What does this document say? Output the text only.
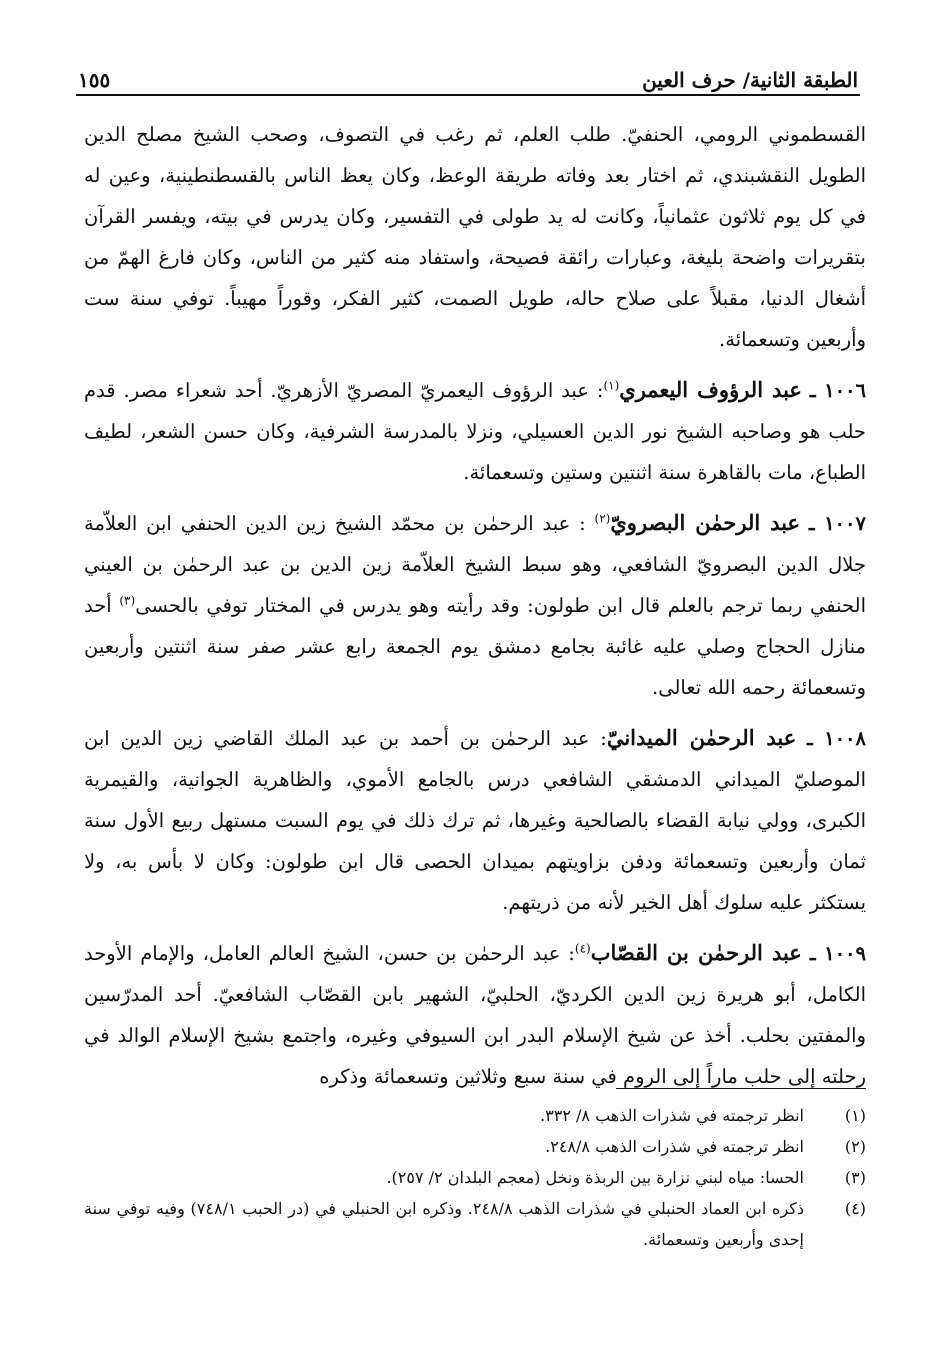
الطبقة الثانية/ حرف العين
١٥٥

القسطموني الرومي، الحنفيّ. طلب العلم، ثم رغب في التصوف، وصحب الشيخ مصلح الدين الطويل النقشبندي، ثم اختار بعد وفاته طريقة الوعظ، وكان يعظ الناس بالقسطنطينية، وعين له في كل يوم ثلاثون عثمانياً، وكانت له يد طولى في التفسير، وكان يدرس في بيته، ويفسر القرآن بتقريرات واضحة بليغة، وعبارات رائقة فصيحة، واستفاد منه كثير من الناس، وكان فارغ الهمّ من أشغال الدنيا، مقبلاً على صلاح حاله، طويل الصمت، كثير الفكر، وقوراً مهيباً. توفي سنة ست وأربعين وتسعمائة.

١٠٠٦ ـ عبد الرؤوف اليعمري$^{(١)}$: عبد الرؤوف اليعمريّ المصريّ الأزهريّ. أحد شعراء مصر. قدم حلب هو وصاحبه الشيخ نور الدين العسيلي، ونزلا بالمدرسة الشرفية، وكان حسن الشعر، لطيف الطباع، مات بالقاهرة سنة اثنتين وستين وتسعمائة.

١٠٠٧ ـ عبد الرحمٰن البصرويّ$^{(٢)}$ : عبد الرحمٰن بن محمّد الشيخ زين الدين الحنفي ابن العلاّمة جلال الدين البصرويّ الشافعي، وهو سبط الشيخ العلاّمة زين الدين بن عبد الرحمٰن بن العيني الحنفي ربما ترجم بالعلم قال ابن طولون: وقد رأيته وهو يدرس في المختار توفي بالحسى$^{(٣)}$ أحد منازل الحجاج وصلي عليه غائبة بجامع دمشق يوم الجمعة رابع عشر صفر سنة اثنتين وأربعين وتسعمائة رحمه الله تعالى.

١٠٠٨ ـ عبد الرحمٰن الميدانيّ: عبد الرحمٰن بن أحمد بن عبد الملك القاضي زين الدين ابن الموصليّ الميداني الدمشقي الشافعي درس بالجامع الأموي، والظاهرية الجوانية، والقيمرية الكبرى، وولي نيابة القضاء بالصالحية وغيرها، ثم ترك ذلك في يوم السبت مستهل ربيع الأول سنة ثمان وأربعين وتسعمائة ودفن بزاويتهم بميدان الحصى قال ابن طولون: وكان لا بأس به، ولا يستكثر عليه سلوك أهل الخير لأنه من ذريتهم.

١٠٠٩ ـ عبد الرحمٰن بن القصّاب$^{(٤)}$: عبد الرحمٰن بن حسن، الشيخ العالم العامل، والإمام الأوحد الكامل، أبو هريرة زين الدين الكرديّ، الحلبيّ، الشهير بابن القصّاب الشافعيّ. أحد المدرّسين والمفتين بحلب. أخذ عن شيخ الإسلام البدر ابن السيوفي وغيره، واجتمع بشيخ الإسلام الوالد في رحلته إلى حلب ماراً إلى الروم في سنة سبع وثلاثين وتسعمائة وذكره

(١)
انظر ترجمته في شذرات الذهب ٨/ ٣٣٢.
(٢)
انظر ترجمته في شذرات الذهب ٢٤٨/٨.
(٣)
الحسا: مياه لبني نزارة بين الربذة ونخل (معجم البلدان ٢/ ٢٥٧).
(٤)
ذكره ابن العماد الحنبلي في شذرات الذهب ٢٤٨/٨. وذكره ابن الحنبلي في (در الحبب ٧٤٨/١) وفيه توفي سنة إحدى وأربعين وتسعمائة.
